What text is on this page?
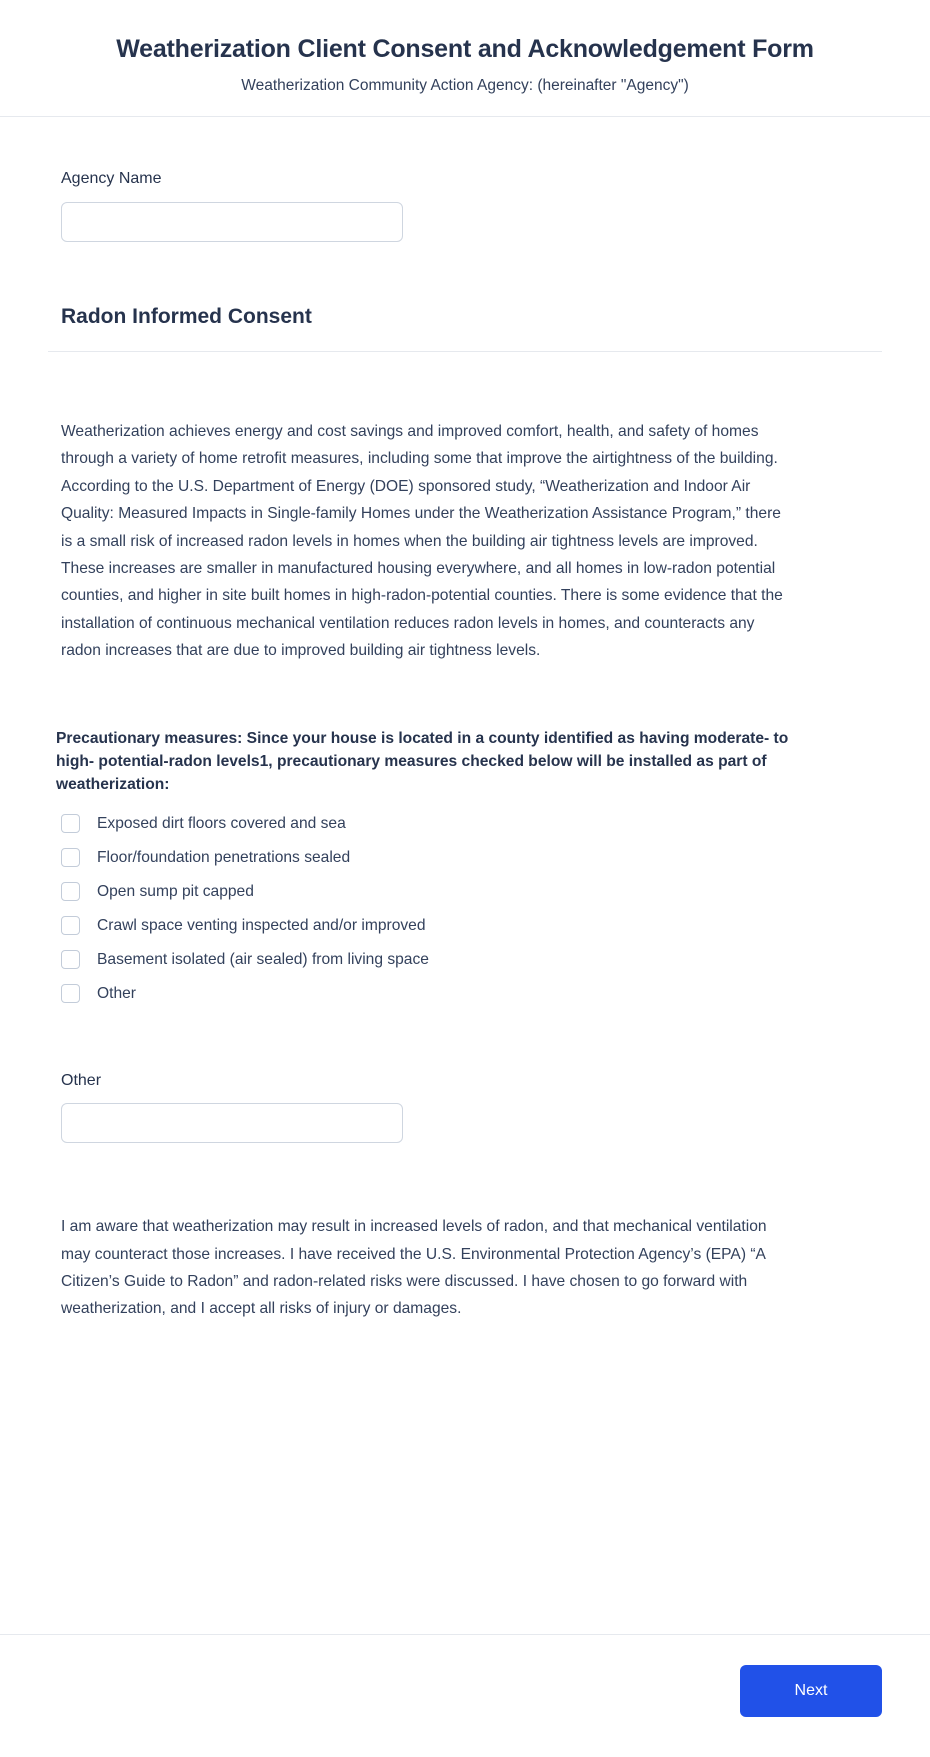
Weatherization Client Consent and Acknowledgement Form

Weatherization Community Action Agency: (hereinafter "Agency")

Agency Name
Radon Informed Consent

Weatherization achieves energy and cost savings and improved comfort, health, and safety of homes through a variety of home retrofit measures, including some that improve the airtightness of the building. According to the U.S. Department of Energy (DOE) sponsored study, “Weatherization and Indoor Air Quality: Measured Impacts in Single-family Homes under the Weatherization Assistance Program,” there is a small risk of increased radon levels in homes when the building air tightness levels are improved. These increases are smaller in manufactured housing everywhere, and all homes in low-radon potential counties, and higher in site built homes in high-radon-potential counties. There is some evidence that the installation of continuous mechanical ventilation reduces radon levels in homes, and counteracts any radon increases that are due to improved building air tightness levels.

Precautionary measures: Since your house is located in a county identified as having moderate- to high- potential-radon levels1, precautionary measures checked below will be installed as part of weatherization:

Exposed dirt floors covered and sea
Floor/foundation penetrations sealed
Open sump pit capped
Crawl space venting inspected and/or improved
Basement isolated (air sealed) from living space
Other
Other

I am aware that weatherization may result in increased levels of radon, and that mechanical ventilation may counteract those increases. I have received the U.S. Environmental Protection Agency’s (EPA) “A Citizen’s Guide to Radon” and radon-related risks were discussed. I have chosen to go forward with weatherization, and I accept all risks of injury or damages.

Next
